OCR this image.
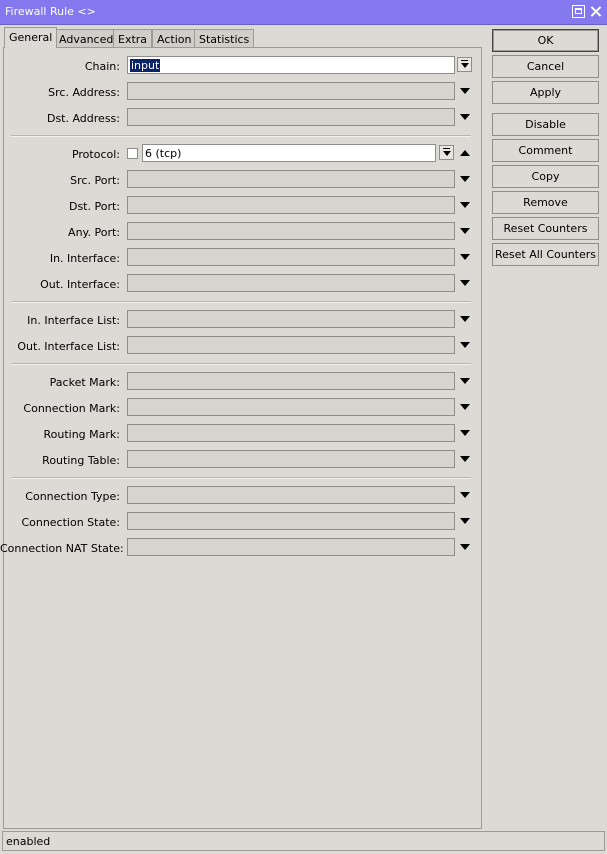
Firewall Rule <>
General Advanced Extra Action Statistics
Chain: input
Src. Address:
Dst. Address:
Protocol: 6 (tcp)
Src. Port:
Dst. Port:
Any. Port:
In. Interface:
Out. Interface:
In. Interface List:
Out. Interface List:
Packet Mark:
Connection Mark:
Routing Mark:
Routing Table:
Connection Type:
Connection State:
Connection NAT State:
OK
Cancel
Apply
Disable
Comment
Copy
Remove
Reset Counters
Reset All Counters
enabled
